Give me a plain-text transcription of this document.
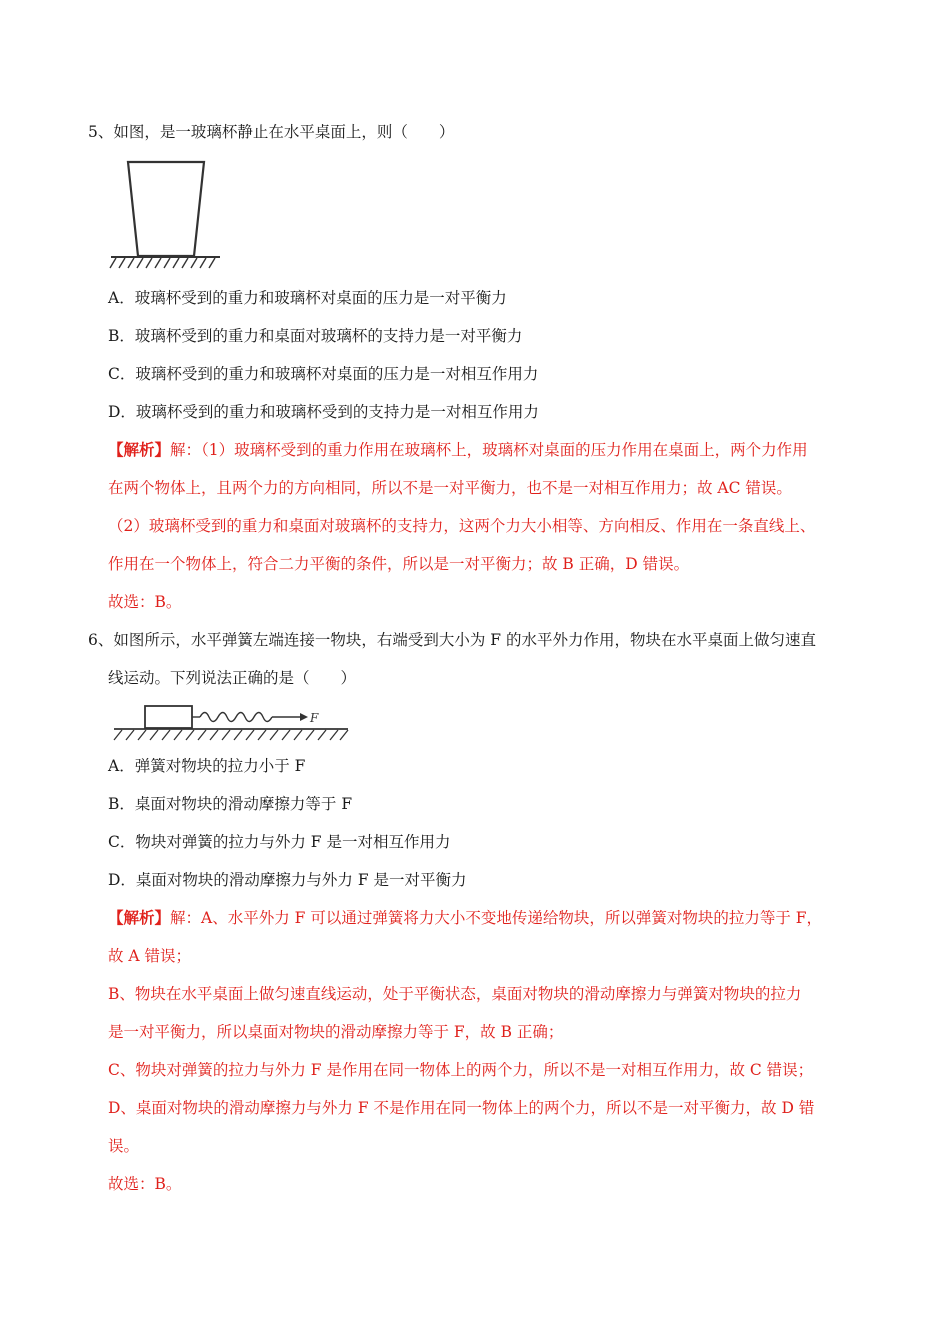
5、如图，是一玻璃杯静止在水平桌面上，则（　　）
A．玻璃杯受到的重力和玻璃杯对桌面的压力是一对平衡力
B．玻璃杯受到的重力和桌面对玻璃杯的支持力是一对平衡力
C．玻璃杯受到的重力和玻璃杯对桌面的压力是一对相互作用力
D．玻璃杯受到的重力和玻璃杯受到的支持力是一对相互作用力
【解析】解：（1）玻璃杯受到的重力作用在玻璃杯上，玻璃杯对桌面的压力作用在桌面上，两个力作用
在两个物体上，且两个力的方向相同，所以不是一对平衡力，也不是一对相互作用力；故 AC 错误。
（2）玻璃杯受到的重力和桌面对玻璃杯的支持力，这两个力大小相等、方向相反、作用在一条直线上、
作用在一个物体上，符合二力平衡的条件，所以是一对平衡力；故 B 正确，D 错误。
故选：B。
6、如图所示，水平弹簧左端连接一物块，右端受到大小为 F 的水平外力作用，物块在水平桌面上做匀速直
线运动。下列说法正确的是（　　）
F
A．弹簧对物块的拉力小于 F
B．桌面对物块的滑动摩擦力等于 F
C．物块对弹簧的拉力与外力 F 是一对相互作用力
D．桌面对物块的滑动摩擦力与外力 F 是一对平衡力
【解析】解：A、水平外力 F 可以通过弹簧将力大小不变地传递给物块，所以弹簧对物块的拉力等于 F，
故 A 错误；
B、物块在水平桌面上做匀速直线运动，处于平衡状态，桌面对物块的滑动摩擦力与弹簧对物块的拉力
是一对平衡力，所以桌面对物块的滑动摩擦力等于 F，故 B 正确；
C、物块对弹簧的拉力与外力 F 是作用在同一物体上的两个力，所以不是一对相互作用力，故 C 错误；
D、桌面对物块的滑动摩擦力与外力 F 不是作用在同一物体上的两个力，所以不是一对平衡力，故 D 错
误。
故选：B。
